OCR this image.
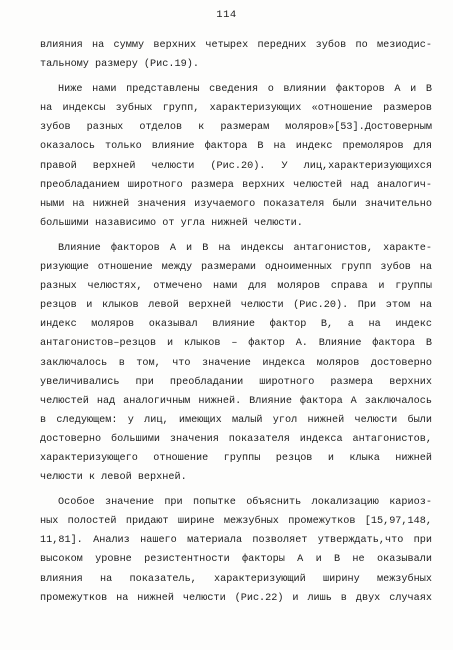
114
влияния на сумму верхних четырех передних зубов по мезиодис-
тальному размеру (Рис.19).
Ниже нами представлены сведения о влиянии факторов А и В
на индексы зубных групп, характеризующих «отношение размеров
зубов разных отделов к размерам моляров»[53].Достоверным
оказалось только влияние фактора В на индекс премоляров для
правой верхней челюсти (Рис.20). У лиц,характеризующихся
преобладанием широтного размера верхних челюстей над аналогич-
ными на нижней значения изучаемого показателя были значительно
большими назависимо от угла нижней челюсти.
Влияние факторов А и В на индексы антагонистов, характе-
ризующие отношение между размерами одноименных групп зубов на
разных челюстях, отмечено нами для моляров справа и группы
резцов и клыков левой верхней челюсти (Рис.20). При этом на
индекс моляров оказывал влияние фактор В, а на индекс
антагонистов–резцов и клыков – фактор А. Влияние фактора В
заключалось в том, что значение индекса моляров достоверно
увеличивались при преобладании широтного размера верхних
челюстей над аналогичным нижней. Влияние фактора А заключалось
в следующем: у лиц, имеющих малый угол нижней челюсти были
достоверно большими значения показателя индекса антагонистов,
характеризующего отношение группы резцов и клыка нижней
челюсти к левой верхней.
Особое значение при попытке объяснить локализацию кариоз-
ных полостей придают ширине межзубных промежутков [15,97,148,
11,81]. Анализ нашего материала позволяет утверждать,что при
высоком уровне резистентности факторы А и В не оказывали
влияния на показатель, характеризующий ширину межзубных
промежутков на нижней челюсти (Рис.22) и лишь в двух случаях
